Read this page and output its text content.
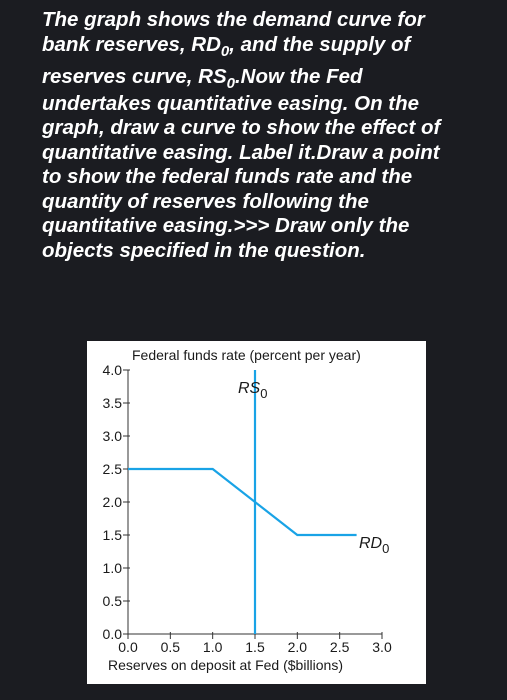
The graph shows the demand curve for
bank reserves, $RD_0$, and the supply of
reserves curve, $RS_0.Now$ the Fed
undertakes quantitative easing. On the graph, draw a curve to show the effect of quantitative easing. Label it.Draw a point to show the federal funds rate and the quantity of reserves following the quantitative easing.>>> Draw only the objects specified in the question.

Federal funds rate (percent per year)
Reserves on deposit at Fed ($billions)
0.0
0.5
1.0
1.5
2.0
2.5
3.0
3.5
4.0
0.0 0.5 1.0 1.5 2.0 2.5 3.0
$RS_0$
$RD_0$
